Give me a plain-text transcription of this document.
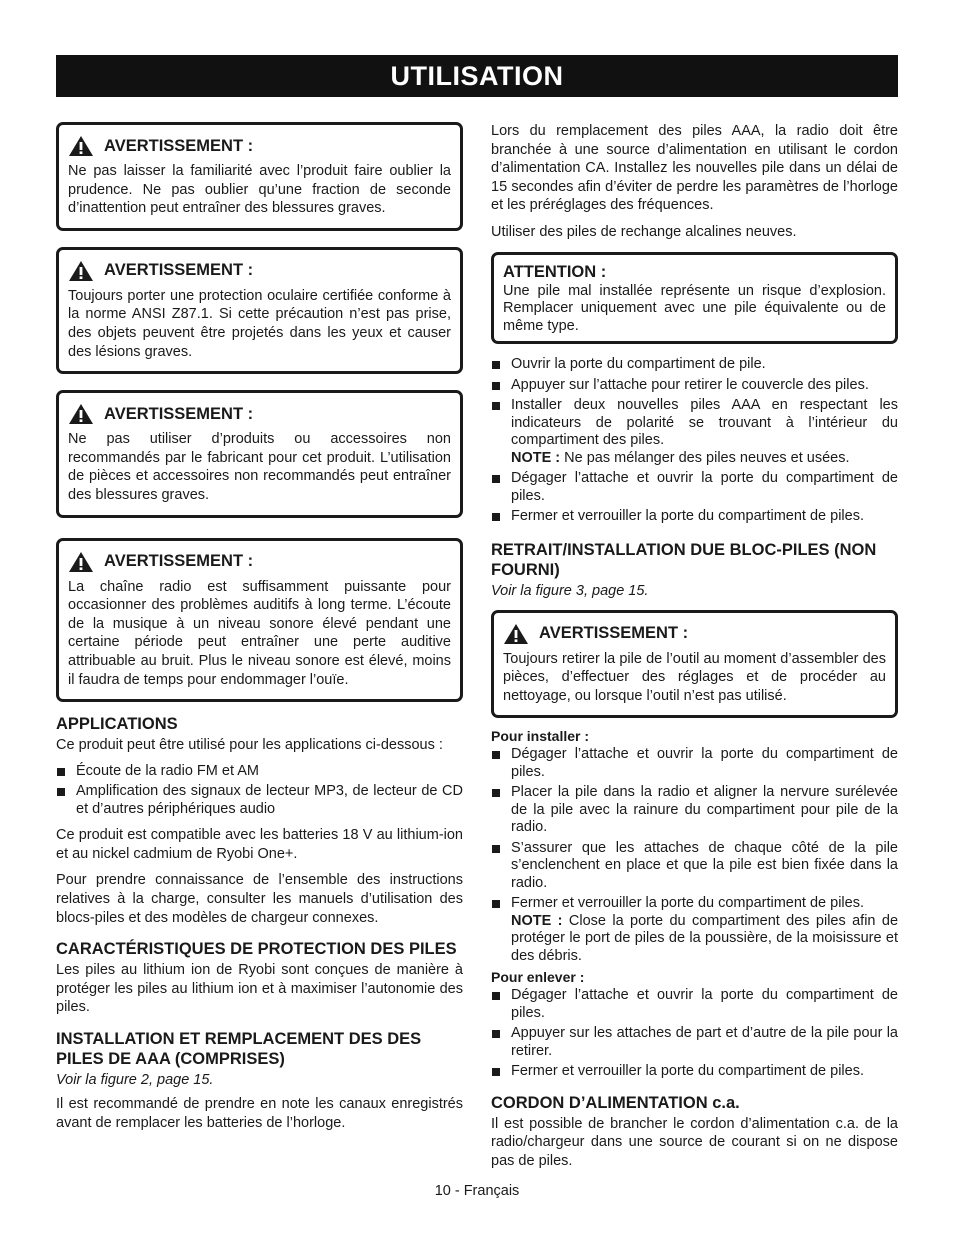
UTILISATION
AVERTISSEMENT :

Ne pas laisser la familiarité avec l’produit faire oublier la prudence. Ne pas oublier qu’une fraction de seconde d’inattention peut entraîner des blessures graves.

AVERTISSEMENT :

Toujours porter une protection oculaire certifiée conforme à la norme ANSI Z87.1. Si cette précaution n’est pas prise, des objets peuvent être projetés dans les yeux et causer des lésions graves.

AVERTISSEMENT :

Ne pas utiliser d’produits ou accessoires non recommandés par le fabricant pour cet produit. L’utilisation de pièces et accessoires non recommandés peut entraîner des blessures graves.

AVERTISSEMENT :

La chaîne radio est suffisamment puissante pour occasionner des problèmes auditifs à long terme. L’écoute de la musique à un niveau sonore élevé pendant une certaine période peut entraîner une perte auditive attribuable au bruit. Plus le niveau sonore est élevé, moins il faudra de temps pour endommager l’ouïe.

APPLICATIONS

Ce produit peut être utilisé pour les applications ci-dessous :

Écoute de la radio FM et AM
Amplification des signaux de lecteur MP3, de lecteur de CD et d’autres périphériques audio

Ce produit est compatible avec les batteries 18 V au lithium-ion et au nickel cadmium de Ryobi One+.

Pour prendre connaissance de l’ensemble des instructions relatives à la charge, consulter les manuels d’utilisation des blocs-piles et des modèles de chargeur connexes.

CARACTÉRISTIQUES DE PROTECTION DES PILES

Les piles au lithium ion de Ryobi sont conçues de manière à protéger les piles au lithium ion et à maximiser l’autonomie des piles.

INSTALLATION ET REMPLACEMENT DES DES PILES DE AAA (COMPRISES)

Voir la figure 2, page 15.

Il est recommandé de prendre en note les canaux enregistrés avant de remplacer les batteries de l’horloge.

Lors du remplacement des piles AAA, la radio doit être branchée à une source d’alimentation en utilisant le cordon d’alimentation CA. Installez les nouvelles pile dans un délai de 15 secondes afin d’éviter de perdre les paramètres de l’horloge et les préréglages des fréquences.

Utiliser des piles de rechange alcalines neuves.

ATTENTION :

Une pile mal installée représente un risque d’explosion. Remplacer uniquement avec une pile équivalente ou de même type.

Ouvrir la porte du compartiment de pile.
Appuyer sur l’attache pour retirer le couvercle des piles.
Installer deux nouvelles piles AAA en respectant les indicateurs de polarité se trouvant à l’intérieur du compartiment des piles.
NOTE : Ne pas mélanger des piles neuves et usées.
Dégager l’attache et ouvrir la porte du compartiment de piles.
Fermer et verrouiller la porte du compartiment de piles.
RETRAIT/INSTALLATION DUE BLOC-PILES (NON FOURNI)

Voir la figure 3, page 15.

AVERTISSEMENT :

Toujours retirer la pile de l’outil au moment d’assembler des pièces, d’effectuer des réglages et de procéder au nettoyage, ou lorsque l’outil n’est pas utilisé.

Pour installer :
Dégager l’attache et ouvrir la porte du compartiment de piles.
Placer la pile dans la radio et aligner la nervure surélevée de la pile avec la rainure du compartiment pour pile de la radio.
S’assurer que les attaches de chaque côté de la pile s’enclenchent en place et que la pile est bien fixée dans la radio.
Fermer et verrouiller la porte du compartiment de piles.
NOTE : Close la porte du compartiment des piles afin de protéger le port de piles de la poussière, de la moisissure et des débris.
Pour enlever :
Dégager l’attache et ouvrir la porte du compartiment de piles.
Appuyer sur les attaches de part et d’autre de la pile pour la retirer.
Fermer et verrouiller la porte du compartiment de piles.
CORDON D’ALIMENTATION c.a.

Il est possible de brancher le cordon d’alimentation c.a. de la radio/chargeur dans une source de courant si on ne dispose pas de piles.

10 - Français
